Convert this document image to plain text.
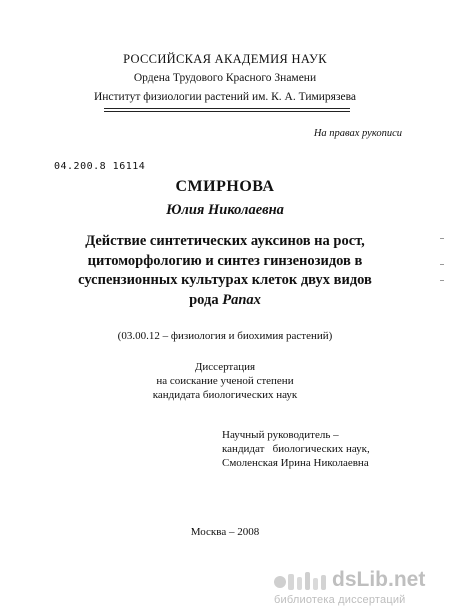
РОССИЙСКАЯ АКАДЕМИЯ НАУК
Ордена Трудового Красного Знамени
Институт физиологии растений им. К. А. Тимирязева
На правах рукописи
04.200.8 16114
СМИРНОВА
Юлия Николаевна
Действие синтетических ауксинов на рост,
цитоморфологию и синтез гинзенозидов в
суспензионных культурах клеток двух видов
рода Panax
(03.00.12 – физиология и биохимия растений)
Диссертация
на соискание ученой степени
кандидата биологических наук
Научный руководитель –
кандидат   биологических наук,
Смоленская Ирина Николаевна
Москва – 2008
dsLib.net
библиотека диссертаций
